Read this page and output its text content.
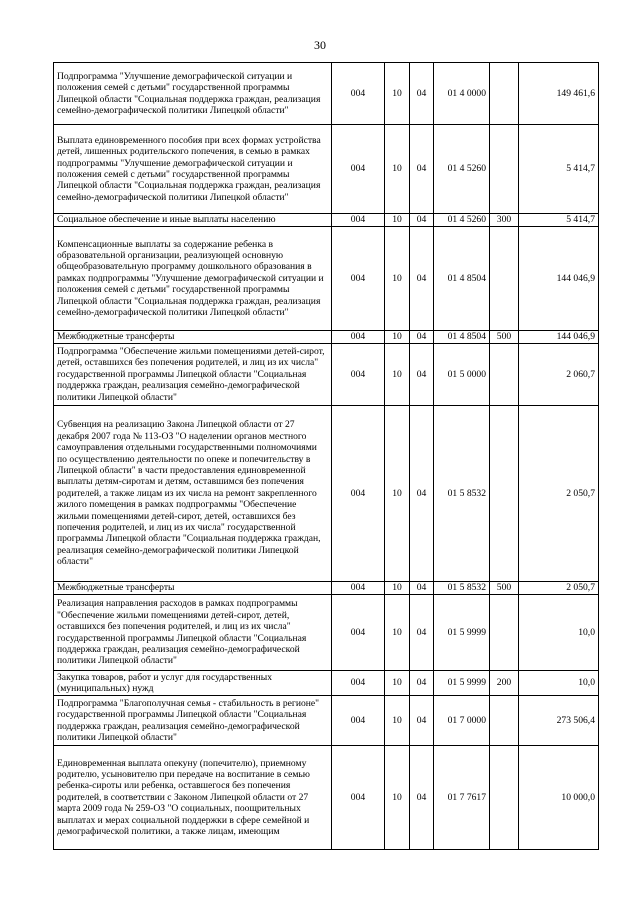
30
Подпрограмма "Улучшение демографической ситуации и положения семей с детьми" государственной программы Липецкой области "Социальная поддержка граждан, реализация семейно-демографической политики Липецкой области"	004	10	04	01 4 0000		149 461,6
Выплата единовременного пособия при всех формах устройства детей, лишенных родительского попечения, в семью в рамках подпрограммы "Улучшение демографической ситуации и положения семей с детьми" государственной программы Липецкой области "Социальная поддержка граждан, реализация семейно-демографической политики Липецкой области"	004	10	04	01 4 5260		5 414,7
Социальное обеспечение и иные выплаты населению	004	10	04	01 4 5260	300	5 414,7
Компенсационные выплаты за содержание ребенка в образовательной организации, реализующей основную общеобразовательную программу дошкольного образования в рамках подпрограммы "Улучшение демографической ситуации и положения семей с детьми" государственной программы Липецкой области "Социальная поддержка граждан, реализация семейно-демографической политики Липецкой области"	004	10	04	01 4 8504		144 046,9
Межбюджетные трансферты	004	10	04	01 4 8504	500	144 046,9
Подпрограмма "Обеспечение жильми помещениями детей-сирот, детей, оставшихся без попечения родителей, и лиц из их числа" государственной программы Липецкой области "Социальная поддержка граждан, реализация семейно-демографической политики Липецкой области"	004	10	04	01 5 0000		2 060,7
Субвенция на реализацию Закона Липецкой области от 27 декабря 2007 года № 113-ОЗ "О наделении органов местного самоуправления отдельными государственными полномочиями по осуществлению деятельности по опеке и попечительству в Липецкой области" в части предоставления единовременной выплаты детям-сиротам и детям, оставшимся без попечения родителей, а также лицам из их числа на ремонт закрепленного жилого помещения в рамках подпрограммы "Обеспечение жильми помещениями детей-сирот, детей, оставшихся без попечения родителей, и лиц из их числа" государственной программы Липецкой области "Социальная поддержка граждан, реализация семейно-демографической политики Липецкой области"	004	10	04	01 5 8532		2 050,7
Межбюджетные трансферты	004	10	04	01 5 8532	500	2 050,7
Реализация направления расходов в рамках подпрограммы "Обеспечение жильми помещениями детей-сирот, детей, оставшихся без попечения родителей, и лиц из их числа" государственной программы Липецкой области "Социальная поддержка граждан, реализация семейно-демографической политики Липецкой области"	004	10	04	01 5 9999		10,0
Закупка товаров, работ и услуг для государственных (муниципальных) нужд	004	10	04	01 5 9999	200	10,0
Подпрограмма "Благополучная семья - стабильность в регионе" государственной программы Липецкой области "Социальная поддержка граждан, реализация семейно-демографической политики Липецкой области"	004	10	04	01 7 0000		273 506,4
Единовременная выплата опекуну (попечителю), приемному родителю, усыновителю при передаче на воспитание в семью ребенка-сироты или ребенка, оставшегося без попечения родителей, в соответствии с Законом Липецкой области от 27 марта 2009 года № 259-ОЗ "О социальных, поощрительных выплатах и мерах социальной поддержки в сфере семейной и демографической политики, а также лицам, имеющим	004	10	04	01 7 7617		10 000,0
